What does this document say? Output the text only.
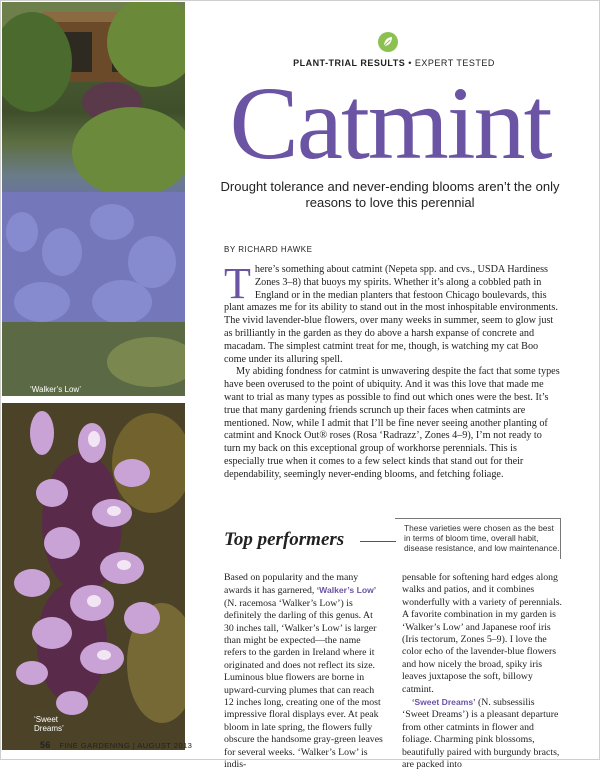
‘Walker’s Low’
‘Sweet Dreams’
PLANT-TRIAL RESULTS • EXPERT TESTED
Catmint
Drought tolerance and never-ending blooms aren’t the only reasons to love this perennial
BY RICHARD HAWKE

There’s something about catmint (Nepeta spp. and cvs., USDA Hardiness Zones 3–8) that buoys my spirits. Whether it’s along a cobbled path in England or in the median planters that festoon Chicago boulevards, this plant amazes me for its ability to stand out in the most inhospitable environments. The vivid lavender-blue flowers, over many weeks in summer, seem to glow just as brilliantly in the garden as they do above a harsh expanse of concrete and macadam. The simplest catmint treat for me, though, is watching my cat Boo come under its alluring spell.

My abiding fondness for catmint is unwavering despite the fact that some types have been overused to the point of ubiquity. And it was this love that made me want to trial as many types as possible to find out which ones were the best. It’s true that many gardening friends scrunch up their faces when catmints are mentioned. Now, while I admit that I’ll be fine never seeing another planting of catmint and Knock Out® roses (Rosa ‘Radrazz’, Zones 4–9), I’m not ready to turn my back on this exceptional group of workhorse perennials. This is especially true when it comes to a few select kinds that stand out for their dependability, seemingly never-ending blooms, and fetching foliage.

Top performers
These varieties were chosen as the best in terms of bloom time, overall habit, disease resistance, and low maintenance.

Based on popularity and the many awards it has garnered, ‘Walker’s Low’ (N. racemosa ‘Walker’s Low’) is definitely the darling of this genus. At 30 inches tall, ‘Walker’s Low’ is larger than might be expected—the name refers to the garden in Ireland where it originated and does not reflect its size. Luminous blue flowers are borne in upward-curving plumes that can reach 12 inches long, creating one of the most impressive floral displays ever. At peak bloom in late spring, the flowers fully obscure the handsome gray-green leaves for several weeks. ‘Walker’s Low’ is indis-

pensable for softening hard edges along walks and patios, and it combines wonderfully with a variety of perennials. A favorite combination in my garden is ‘Walker’s Low’ and Japanese roof iris (Iris tectorum, Zones 5–9). I love the color echo of the lavender-blue flowers and how nicely the broad, spiky iris leaves juxtapose the soft, billowy catmint.

‘Sweet Dreams’ (N. subsessilis ‘Sweet Dreams’) is a pleasant departure from other catmints in flower and foliage. Charming pink blossoms, beautifully paired with burgundy bracts, are packed into

56 FINE GARDENING | AUGUST 2013
